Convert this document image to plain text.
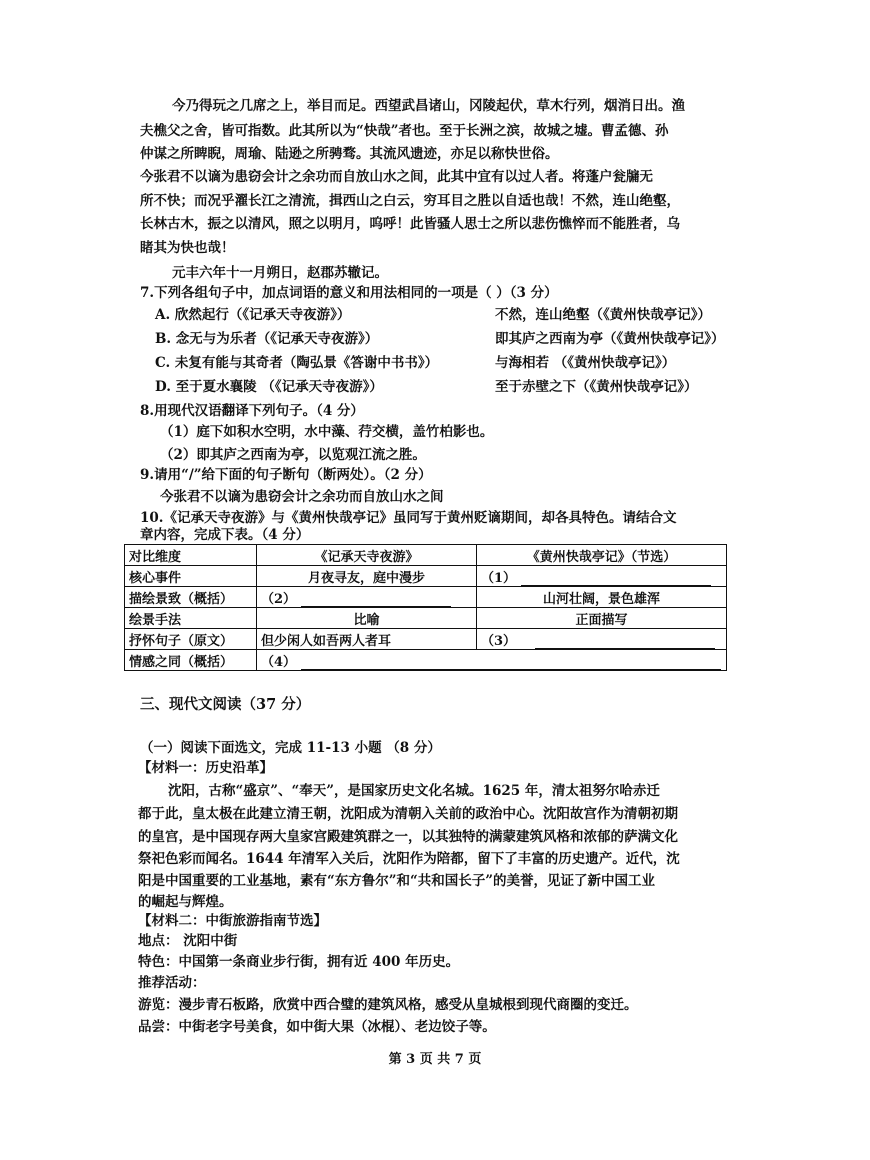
今乃得玩之几席之上，举目而足。西望武昌诸山，冈陵起伏，草木行列，烟消日出。渔
夫樵父之舍，皆可指数。此其所以为“快哉”者也。至于长洲之滨，故城之墟。曹孟德、孙
仲谋之所睥睨，周瑜、陆逊之所骋骛。其流风遗迹，亦足以称快世俗。
今张君不以谪为患窃会计之余功而自放山水之间，此其中宜有以过人者。将蓬户瓮牖无
所不快；而况乎濯长江之清流，揖西山之白云，穷耳目之胜以自适也哉！不然，连山绝壑，
长林古木，振之以清风，照之以明月，呜呼！此皆骚人思士之所以悲伤憔悴而不能胜者，乌
睹其为快也哉！
元丰六年十一月朔日，赵郡苏辙记。
7.下列各组句子中，加点词语的意义和用法相同的一项是（ ）（3 分）
A. 欣然起行（《记承天寺夜游》）	不然，连山绝壑（《黄州快哉亭记》）
B. 念无与为乐者（《记承天寺夜游》）	即其庐之西南为亭（《黄州快哉亭记》）
C. 未复有能与其奇者（陶弘景《答谢中书书》）	与海相若 （《黄州快哉亭记》）
D. 至于夏水襄陵 （《记承天寺夜游》）	至于赤壁之下（《黄州快哉亭记》）
8.用现代汉语翻译下列句子。（4 分）
（1）庭下如积水空明，水中藻、荇交横，盖竹柏影也。
（2）即其庐之西南为亭，以览观江流之胜。
9.请用“/”给下面的句子断句（断两处）。（2 分）
今张君不以谪为患窃会计之余功而自放山水之间
10.《记承天寺夜游》与《黄州快哉亭记》虽同写于黄州贬谪期间，却各具特色。请结合文
章内容，完成下表。（4 分）
对比维度	《记承天寺夜游》	《黄州快哉亭记》（节选）
核心事件	月夜寻友，庭中漫步	（1）
描绘景致（概括）	（2）	山河壮阔，景色雄浑
绘景手法	比喻	正面描写
抒怀句子（原文）	但少闲人如吾两人者耳	（3）
情感之同（概括）	（4）	
三、现代文阅读（37 分）
（一）阅读下面选文，完成 11-13 小题 （8 分）
【材料一：历史沿革】
沈阳，古称“盛京”、“奉天”，是国家历史文化名城。1625 年，清太祖努尔哈赤迁
都于此，皇太极在此建立清王朝，沈阳成为清朝入关前的政治中心。沈阳故宫作为清朝初期
的皇宫，是中国现存两大皇家宫殿建筑群之一，以其独特的满蒙建筑风格和浓郁的萨满文化
祭祀色彩而闻名。1644 年清军入关后，沈阳作为陪都，留下了丰富的历史遗产。近代，沈
阳是中国重要的工业基地，素有“东方鲁尔”和“共和国长子”的美誉，见证了新中国工业
的崛起与辉煌。
【材料二：中街旅游指南节选】
地点： 沈阳中街
特色：中国第一条商业步行街，拥有近 400 年历史。
推荐活动：
游览：漫步青石板路，欣赏中西合璧的建筑风格，感受从皇城根到现代商圈的变迁。
品尝：中街老字号美食，如中街大果（冰棍）、老边饺子等。
第 3 页 共 7 页
